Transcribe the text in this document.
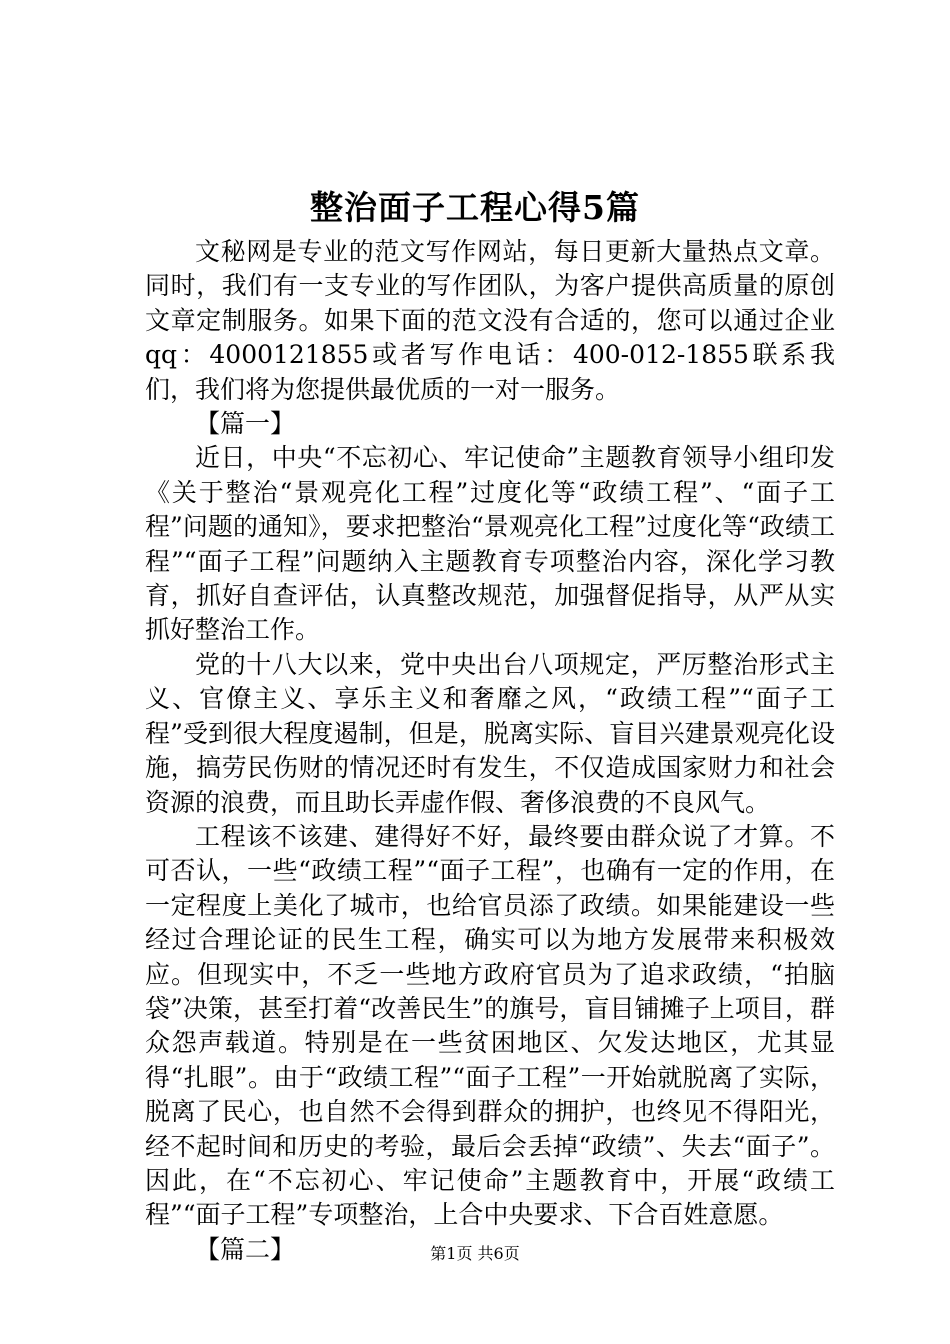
整治面子工程心得5篇

文秘网是专业的范文写作网站，每日更新大量热点文章。同时，我们有一支专业的写作团队，为客户提供高质量的原创文章定制服务。如果下面的范文没有合适的，您可以通过企业qq：4000121855或者写作电话：400-012-1855联系我们，我们将为您提供最优质的一对一服务。

【篇一】

近日，中央“不忘初心、牢记使命”主题教育领导小组印发《关于整治“景观亮化工程”过度化等“政绩工程”、“面子工程”问题的通知》，要求把整治“景观亮化工程”过度化等“政绩工程”“面子工程”问题纳入主题教育专项整治内容，深化学习教育，抓好自查评估，认真整改规范，加强督促指导，从严从实抓好整治工作。

党的十八大以来，党中央出台八项规定，严厉整治形式主义、官僚主义、享乐主义和奢靡之风，“政绩工程”“面子工程”受到很大程度遏制，但是，脱离实际、盲目兴建景观亮化设施，搞劳民伤财的情况还时有发生，不仅造成国家财力和社会资源的浪费，而且助长弄虚作假、奢侈浪费的不良风气。

工程该不该建、建得好不好，最终要由群众说了才算。不可否认，一些“政绩工程”“面子工程”，也确有一定的作用，在一定程度上美化了城市，也给官员添了政绩。如果能建设一些经过合理论证的民生工程，确实可以为地方发展带来积极效应。但现实中，不乏一些地方政府官员为了追求政绩，“拍脑袋”决策，甚至打着“改善民生”的旗号，盲目铺摊子上项目，群众怨声载道。特别是在一些贫困地区、欠发达地区，尤其显得“扎眼”。由于“政绩工程”“面子工程”一开始就脱离了实际，脱离了民心，也自然不会得到群众的拥护，也终见不得阳光，经不起时间和历史的考验，最后会丢掉“政绩”、失去“面子”。因此，在“不忘初心、牢记使命”主题教育中，开展“政绩工程”“面子工程”专项整治，上合中央要求、下合百姓意愿。

【篇二】	第1页 共6页
